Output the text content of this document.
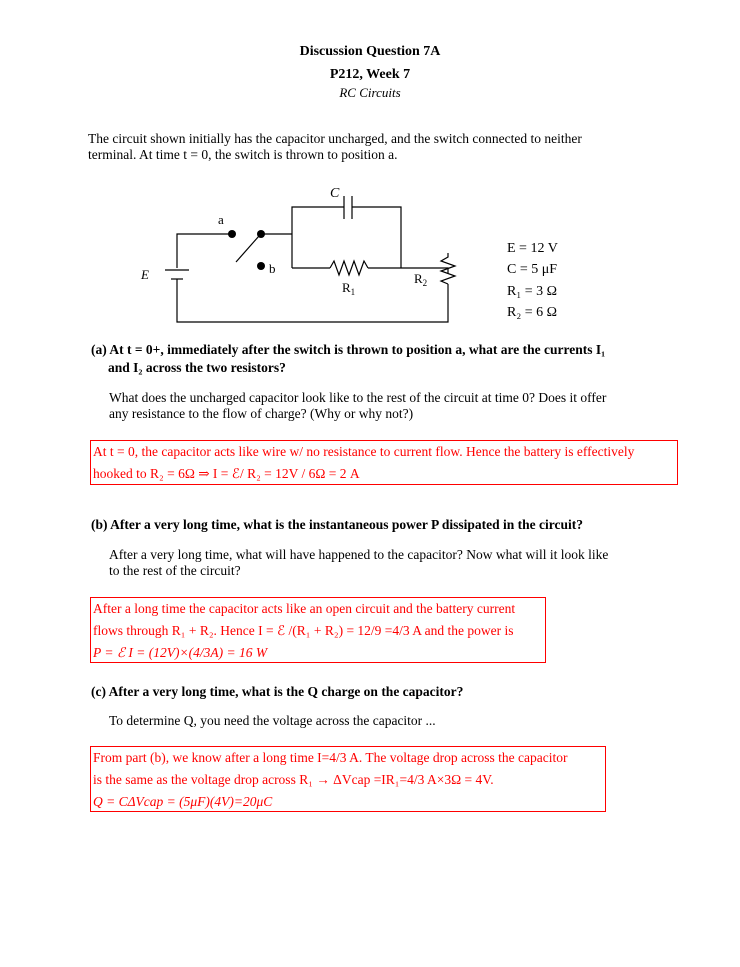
Discussion Question 7A
P212, Week 7
RC Circuits
The circuit shown initially has the capacitor uncharged, and the switch connected to neither
terminal. At time t = 0, the switch is thrown to position a.
C
a
b
E
$R_1$
$R_2$
E = 12 V
C = 5 μF
R₁ = 3 Ω
R₂ = 6 Ω
(a) At t = 0+, immediately after the switch is thrown to position a, what are the currents I₁
and I₂ across the two resistors?
What does the uncharged capacitor look like to the rest of the circuit at time 0? Does it offer
any resistance to the flow of charge? (Why or why not?)
At t = 0, the capacitor acts like wire w/ no resistance to current flow. Hence the battery is effectively
hooked to R₂ = 6Ω ⇒ I = ℰ/ R₂ = 12V / 6Ω = 2 A
(b) After a very long time, what is the instantaneous power P dissipated in the circuit?
After a very long time, what will have happened to the capacitor? Now what will it look like
to the rest of the circuit?
After a long time the capacitor acts like an open circuit and the battery current
flows through R₁ + R₂. Hence I = ℰ /(R₁ + R₂) = 12/9 =4/3 A and the power is
P = ℰ I = (12V)×(4/3A) = 16 W
(c) After a very long time, what is the Q charge on the capacitor?
To determine Q, you need the voltage across the capacitor ...
From part (b), we know after a long time I=4/3 A. The voltage drop across the capacitor
is the same as the voltage drop across R₁ → ΔVcap =IR₁=4/3 A×3Ω = 4V.
Q = CΔVcap = (5μF)(4V)=20μC
